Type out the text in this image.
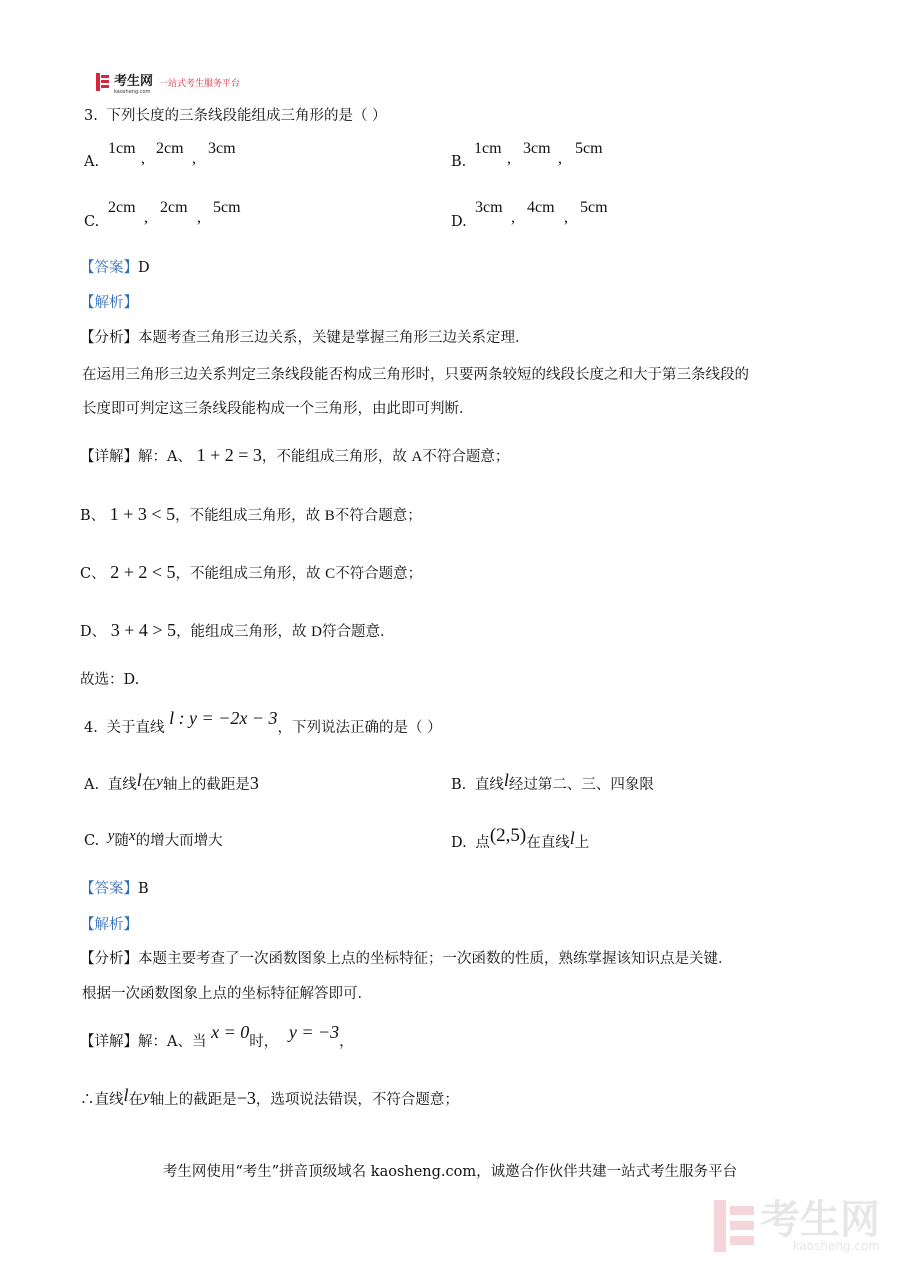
考生网
kaosheng.com
一站式考生服务平台
3. 下列长度的三条线段能组成三角形的是（ ）
A.
1cm
,
2cm
,
3cm
B.
1cm
,
3cm
,
5cm
C.
2cm
,
2cm
,
5cm
D.
3cm
,
4cm
,
5cm
【答案】D
【解析】
【分析】本题考查三角形三边关系，关键是掌握三角形三边关系定理．
在运用三角形三边关系判定三条线段能否构成三角形时，只要两条较短的线段长度之和大于第三条线段的
长度即可判定这三条线段能构成一个三角形，由此即可判断．
【详解】解：A、 1 + 2 = 3，不能组成三角形，故 A不符合题意；
B、 1 + 3 < 5，不能组成三角形，故 B不符合题意；
C、 2 + 2 < 5，不能组成三角形，故 C不符合题意；
D、 3 + 4 > 5，能组成三角形，故 D符合题意．
故选：D.
4. 关于直线 l : y = −2x − 3，下列说法正确的是（ ）
A. 直线l在y轴上的截距是3	B. 直线l经过第二、三、四象限
C. y随x的增大而增大	D. 点(2,5)在直线l上
【答案】B
【解析】
【分析】本题主要考查了一次函数图象上点的坐标特征；一次函数的性质，熟练掌握该知识点是关键．
根据一次函数图象上点的坐标特征解答即可．
【详解】解：A、当 x = 0时， y = −3，
∴直线l在y轴上的截距是−3，选项说法错误，不符合题意；
考生网使用“考生”拼音顶级域名 kaosheng.com，诚邀合作伙伴共建一站式考生服务平台
考生网
kaosheng.com
